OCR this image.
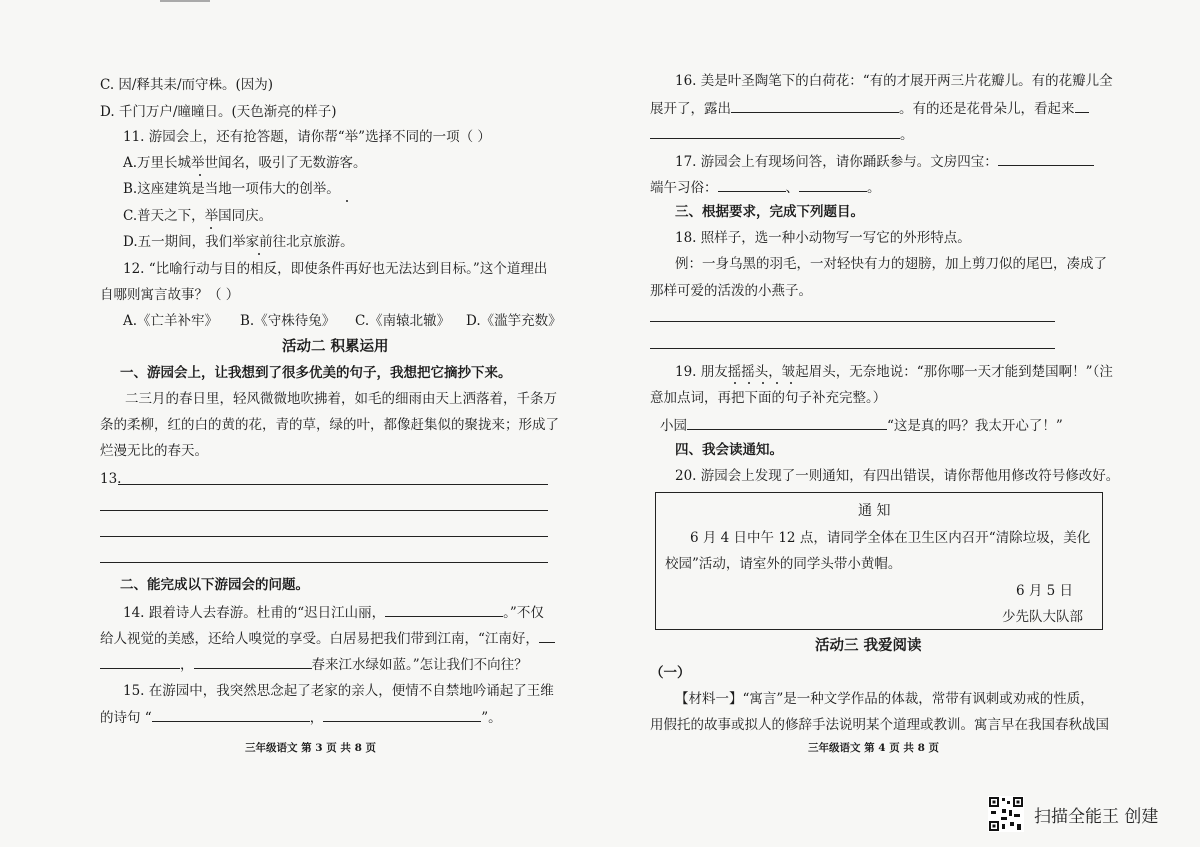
C. 因/释其耒/而守株。(因为)
D. 千门万户/曈曈日。(天色渐亮的样子)
11. 游园会上，还有抢答题，请你帮“举”选择不同的一项（ ）
A.万里长城举世闻名，吸引了无数游客。
B.这座建筑是当地一项伟大的创举。
C.普天之下，举国同庆。
D.五一期间，我们举家前往北京旅游。
12. “比喻行动与目的相反，即使条件再好也无法达到目标。”这个道理出
自哪则寓言故事？（ ）
A.《亡羊补牢》 B.《守株待兔》 C.《南辕北辙》 D.《滥竽充数》
活动二 积累运用
一、游园会上，让我想到了很多优美的句子，我想把它摘抄下来。
二三月的春日里，轻风微微地吹拂着，如毛的细雨由天上洒落着，千条万
条的柔柳，红的白的黄的花，青的草，绿的叶，都像赶集似的聚拢来；形成了
烂漫无比的春天。
13.
二、能完成以下游园会的问题。
14. 跟着诗人去春游。杜甫的“迟日江山丽，	。”不仅
给人视觉的美感，还给人嗅觉的享受。白居易把我们带到江南，“江南好，
，	春来江水绿如蓝。”怎让我们不向往？
15. 在游园中，我突然思念起了老家的亲人，便情不自禁地吟诵起了王维
的诗句 “	，	”。
三年级语文 第 3 页 共 8 页
16. 美是叶圣陶笔下的白荷花：“有的才展开两三片花瓣儿。有的花瓣儿全
展开了，露出	。有的还是花骨朵儿，看起来
。
17. 游园会上有现场问答，请你踊跃参与。文房四宝：
端午习俗：	、	。
三、根据要求，完成下列题目。
18. 照样子，选一种小动物写一写它的外形特点。
例：一身乌黑的羽毛，一对轻快有力的翅膀，加上剪刀似的尾巴，凑成了
那样可爱的活泼的小燕子。
19. 朋友摇摇头，皱起眉头，无奈地说：“那你哪一天才能到楚国啊！”（注
意加点词，再把下面的句子补充完整。）
小园	“这是真的吗？我太开心了！”
四、我会读通知。
20. 游园会上发现了一则通知，有四出错误，请你帮他用修改符号修改好。
通 知
6 月 4 日中午 12 点，请同学全体在卫生区内召开“清除垃圾，美化
校园”活动，请室外的同学头带小黄帽。
6 月 5 日
少先队大队部
活动三 我爱阅读
（一）
【材料一】“寓言”是一种文学作品的体裁，常带有讽刺或劝戒的性质，
用假托的故事或拟人的修辞手法说明某个道理或教训。寓言早在我国春秋战国
三年级语文 第 4 页 共 8 页
扫描全能王 创建
